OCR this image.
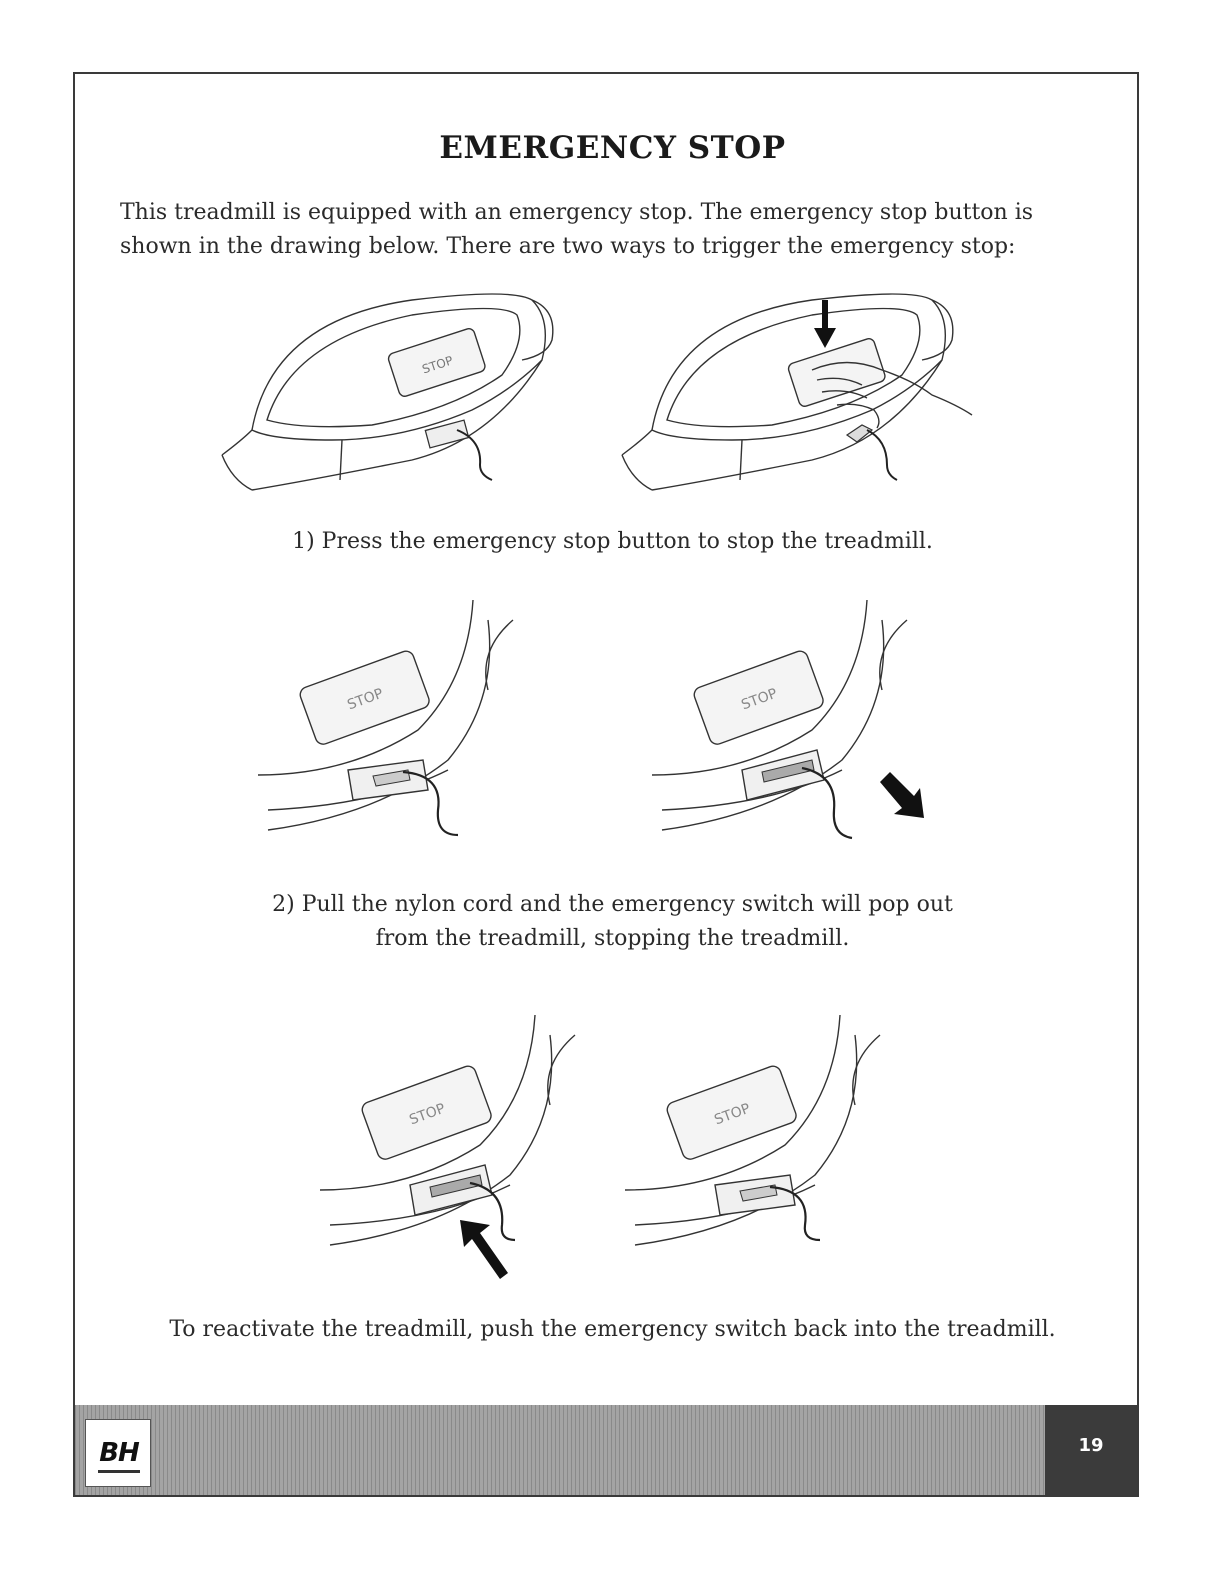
EMERGENCY STOP
This treadmill is equipped with an emergency stop. The emergency stop button is shown in the drawing below. There are two ways to trigger the emergency stop:
STOP
1) Press the emergency stop button to stop the treadmill.
STOP	STOP
2) Pull the nylon cord and the emergency switch will pop out
from the treadmill, stopping the treadmill.
STOP	STOP
To reactivate the treadmill, push the emergency switch back into the treadmill.
BH	19
